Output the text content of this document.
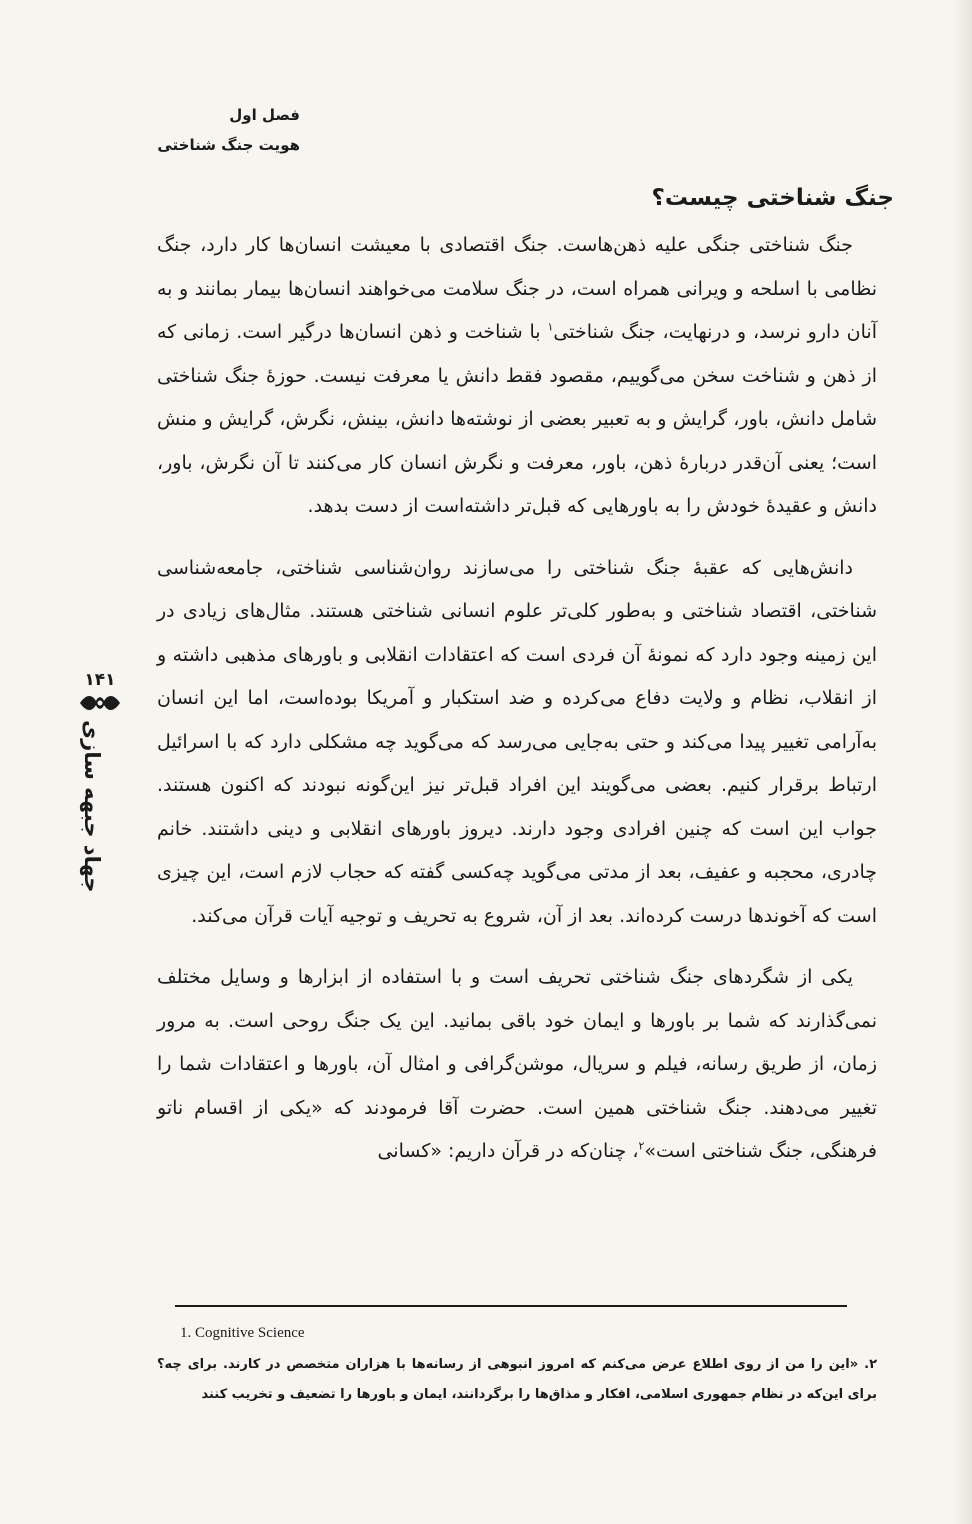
فصل اول
هویت جنگ شناختی
جنگ شناختی چیست؟

جنگ شناختی جنگی علیه ذهن‌هاست. جنگ اقتصادی با معیشت انسان‌ها کار دارد، جنگ نظامی با اسلحه و ویرانی همراه است، در جنگ سلامت می‌خواهند انسان‌ها بیمار بمانند و به آنان دارو نرسد، و درنهایت، جنگ شناختی$^۱$ با شناخت و ذهن انسان‌ها درگیر است. زمانی که از ذهن و شناخت سخن می‌گوییم، مقصود فقط دانش یا معرفت نیست. حوزهٔ جنگ شناختی شامل دانش، باور، گرایش و به تعبیر بعضی از نوشته‌ها دانش، بینش، نگرش، گرایش و منش است؛ یعنی آن‌قدر دربارهٔ ذهن، باور، معرفت و نگرش انسان کار می‌کنند تا آن نگرش، باور، دانش و عقیدهٔ خودش را به باورهایی که قبل‌تر داشته‌است از دست بدهد.

دانش‌هایی که عقبهٔ جنگ شناختی را می‌سازند روان‌شناسی شناختی، جامعه‌شناسی شناختی، اقتصاد شناختی و به‌طور کلی‌تر علوم انسانی شناختی هستند. مثال‌های زیادی در این زمینه وجود دارد که نمونهٔ آن فردی است که اعتقادات انقلابی و باورهای مذهبی داشته و از انقلاب، نظام و ولایت دفاع می‌کرده و ضد استکبار و آمریکا بوده‌است، اما این انسان به‌آرامی تغییر پیدا می‌کند و حتی به‌جایی می‌رسد که می‌گوید چه مشکلی دارد که با اسرائیل ارتباط برقرار کنیم. بعضی می‌گویند این افراد قبل‌تر نیز این‌گونه نبودند که اکنون هستند. جواب این است که چنین افرادی وجود دارند. دیروز باورهای انقلابی و دینی داشتند. خانم چادری، محجبه و عفیف، بعد از مدتی می‌گوید چه‌کسی گفته که حجاب لازم است، این چیزی است که آخوندها درست کرده‌اند. بعد از آن، شروع به تحریف و توجیه آیات قرآن می‌کند.

یکی از شگردهای جنگ شناختی تحریف است و با استفاده از ابزارها و وسایل مختلف نمی‌گذارند که شما بر باورها و ایمان خود باقی بمانید. این یک جنگ روحی است. به مرور زمان، از طریق رسانه، فیلم و سریال، موشن‌گرافی و امثال آن، باورها و اعتقادات شما را تغییر می‌دهند. جنگ شناختی همین است. حضرت آقا فرمودند که «یکی از اقسام ناتو فرهنگی، جنگ شناختی است»$^۲$، چنان‌که در قرآن داریم: «کسانی

۱۴۱
جهاد جبهه سازی
1. Cognitive Science

۲. «این را من از روی اطلاع عرض می‌کنم که امروز انبوهی از رسانه‌ها با هزاران متخصص در کارند. برای چه؟ برای این‌که در نظام جمهوری اسلامی، افکار و مذاق‌ها را برگردانند، ایمان و باورها را تضعیف و تخریب کنند
